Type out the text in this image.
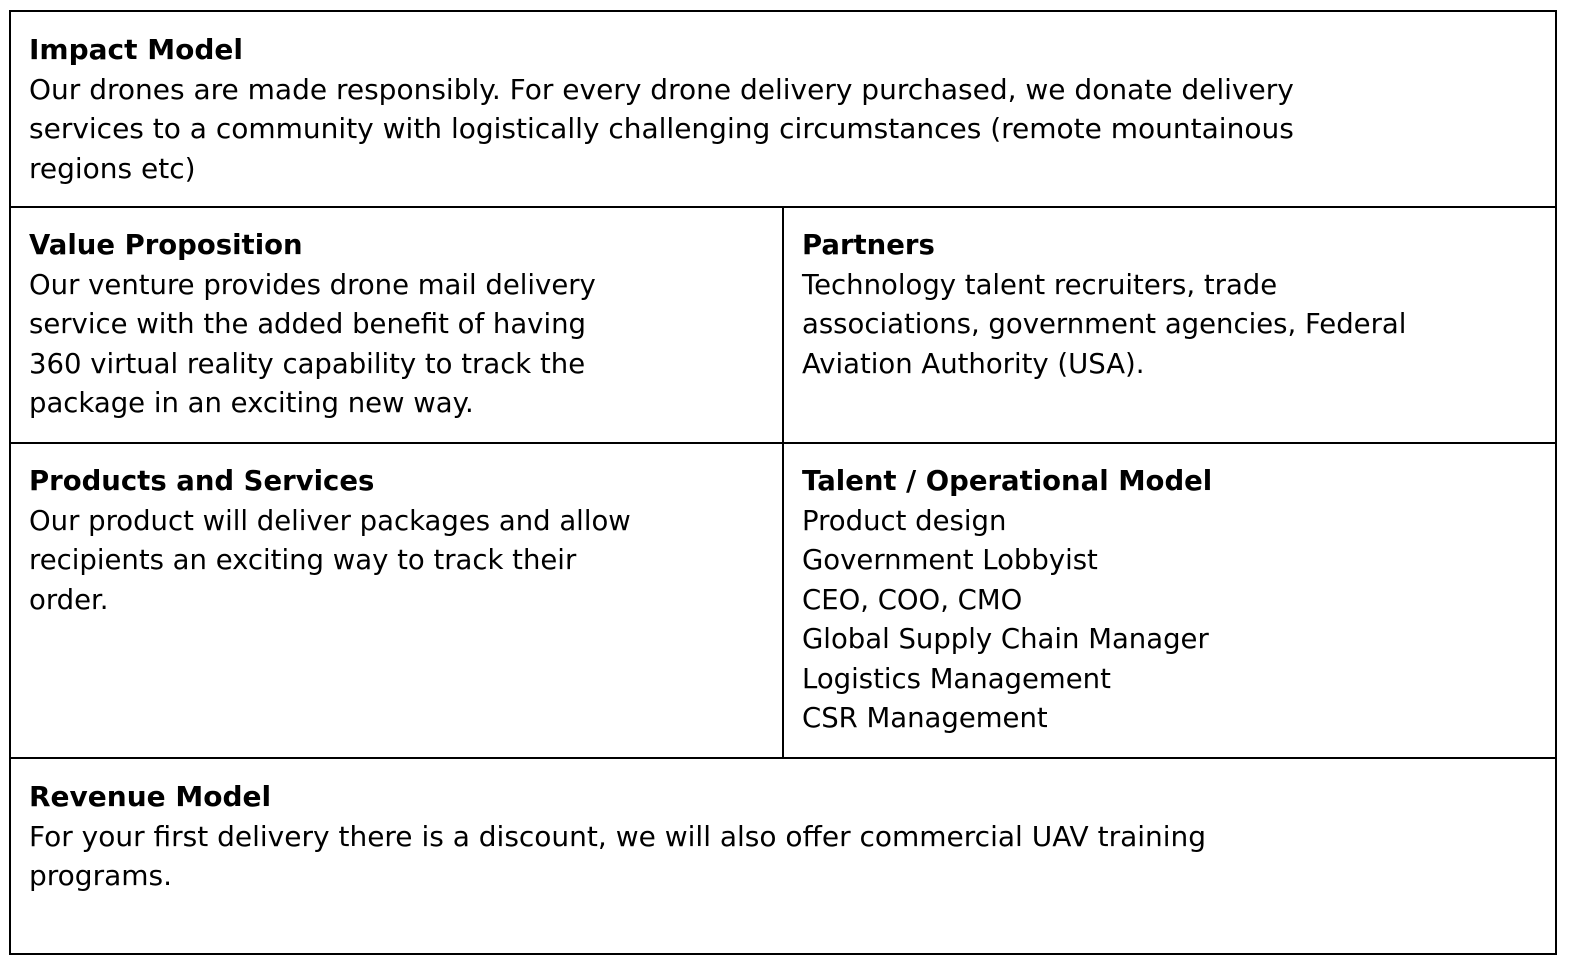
Impact Model
Our drones are made responsibly. For every drone delivery purchased, we donate delivery
services to a community with logistically challenging circumstances (remote mountainous
regions etc)
Value Proposition
Our venture provides drone mail delivery
service with the added benefit of having
360 virtual reality capability to track the
package in an exciting new way.
Partners
Technology talent recruiters, trade
associations, government agencies, Federal
Aviation Authority (USA).
Products and Services
Our product will deliver packages and allow
recipients an exciting way to track their
order.
Talent / Operational Model
Product design
Government Lobbyist
CEO, COO, CMO
Global Supply Chain Manager
Logistics Management
CSR Management
Revenue Model
For your first delivery there is a discount, we will also offer commercial UAV training
programs.
